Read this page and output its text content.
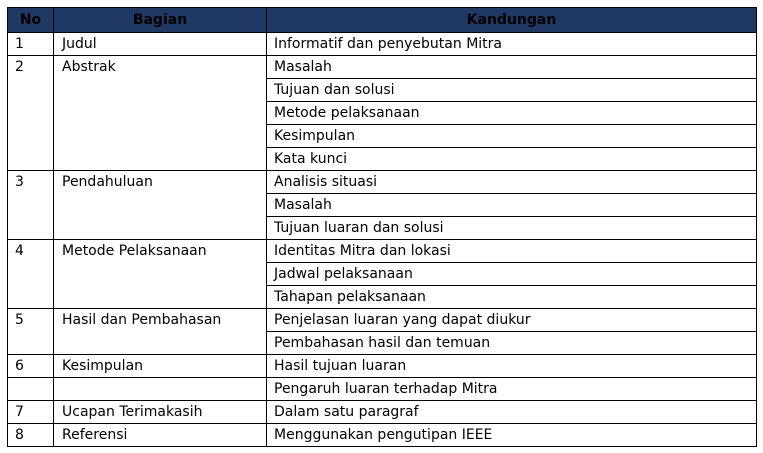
No	Bagian	Kandungan
1	Judul	Informatif dan penyebutan Mitra
2	Abstrak	Masalah
Tujuan dan solusi
Metode pelaksanaan
Kesimpulan
Kata kunci
3	Pendahuluan	Analisis situasi
Masalah
Tujuan luaran dan solusi
4	Metode Pelaksanaan	Identitas Mitra dan lokasi
Jadwal pelaksanaan
Tahapan pelaksanaan
5	Hasil dan Pembahasan	Penjelasan luaran yang dapat diukur
Pembahasan hasil dan temuan
6	Kesimpulan	Hasil tujuan luaran
Pengaruh luaran terhadap Mitra
7	Ucapan Terimakasih	Dalam satu paragraf
8	Referensi	Menggunakan pengutipan IEEE
